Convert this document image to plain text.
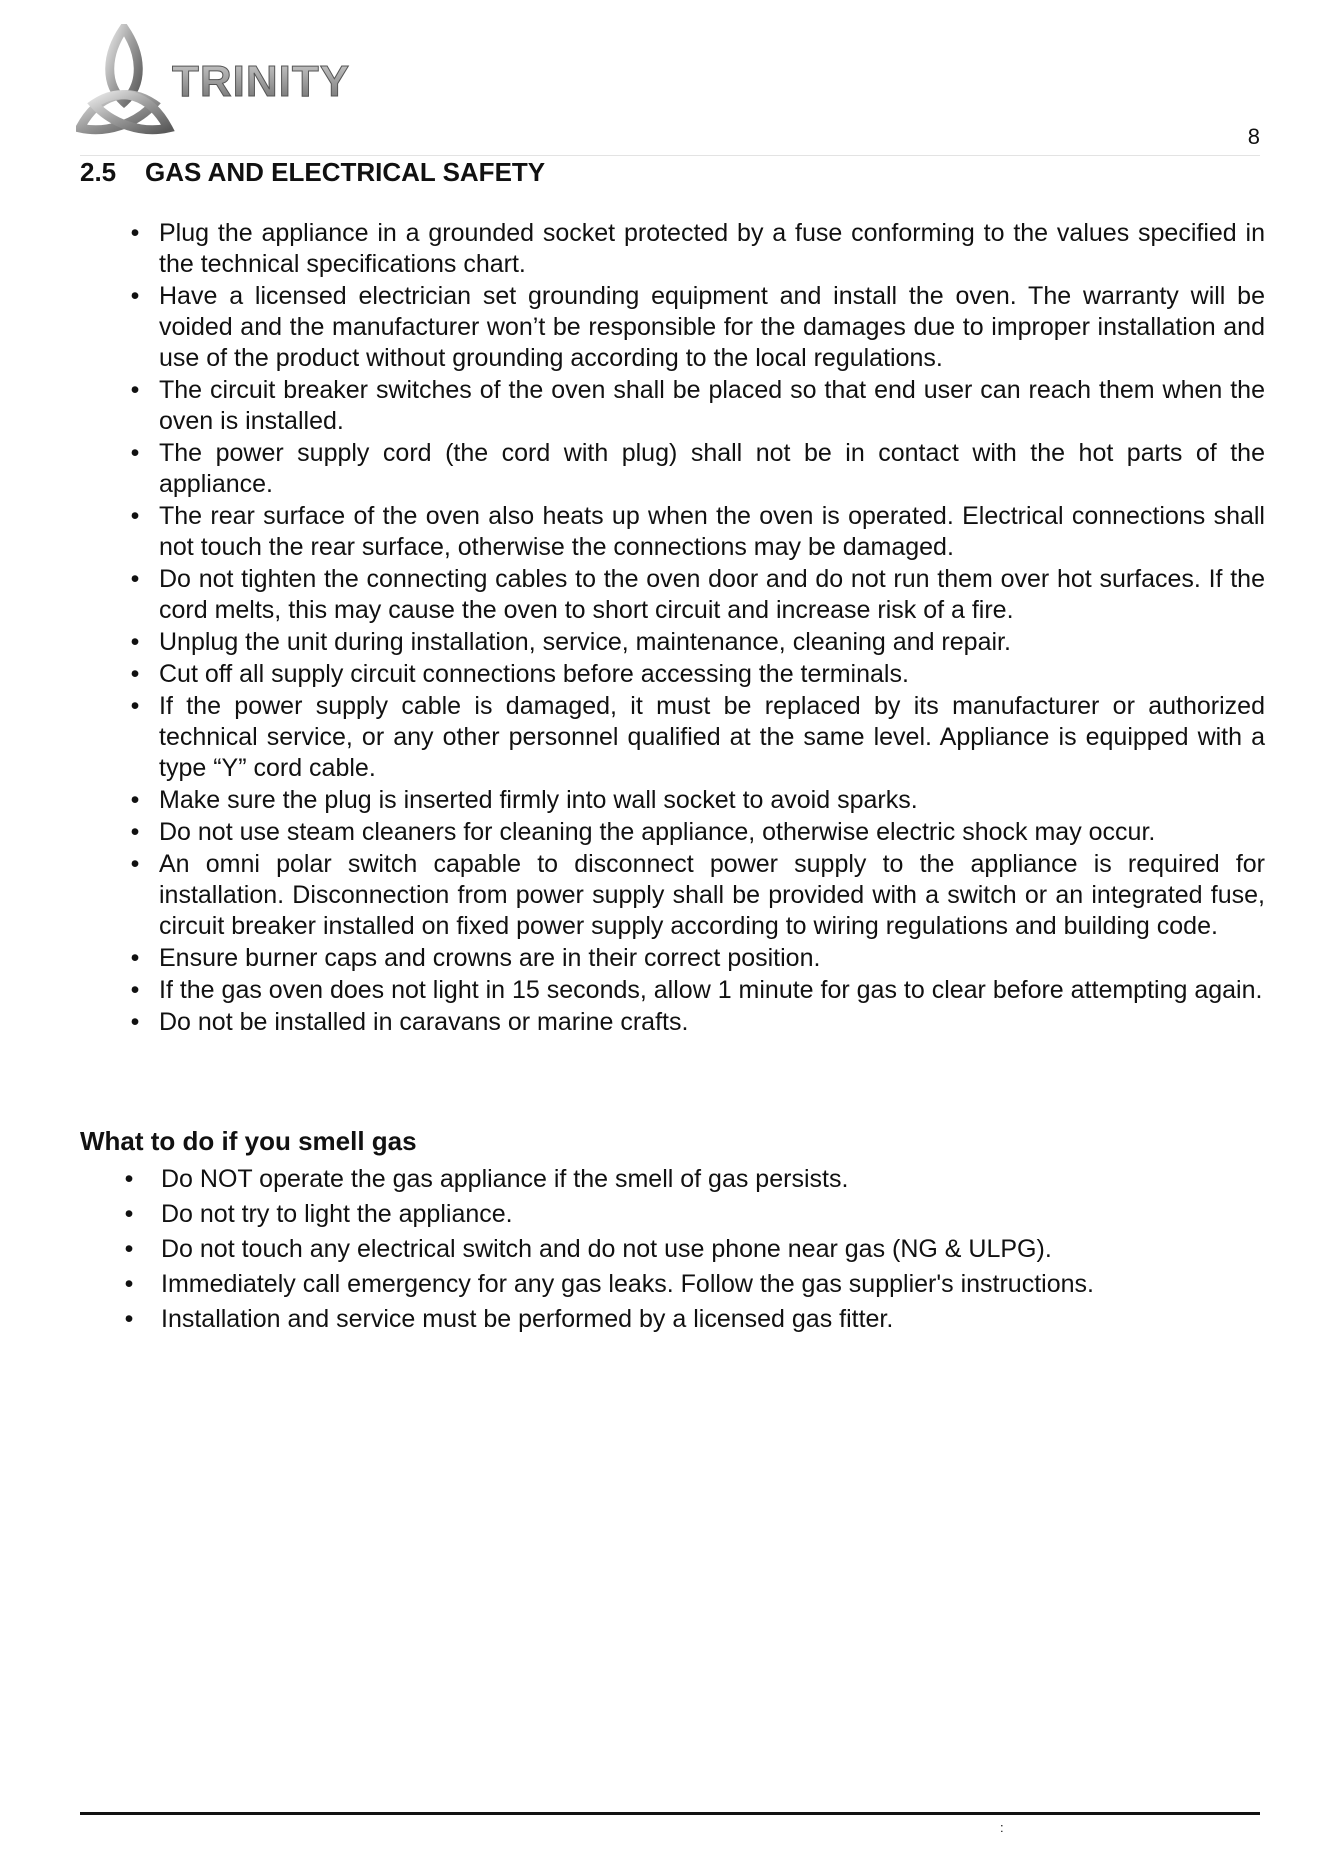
TRINITY
8
2.5 GAS AND ELECTRICAL SAFETY
• Plug the appliance in a grounded socket protected by a fuse conforming to the values specified in the technical specifications chart.
• Have a licensed electrician set grounding equipment and install the oven. The warranty will be voided and the manufacturer won’t be responsible for the damages due to improper installation and use of the product without grounding according to the local regulations.
• The circuit breaker switches of the oven shall be placed so that end user can reach them when the oven is installed.
• The power supply cord (the cord with plug) shall not be in contact with the hot parts of the appliance.
• The rear surface of the oven also heats up when the oven is operated. Electrical connections shall not touch the rear surface, otherwise the connections may be damaged.
• Do not tighten the connecting cables to the oven door and do not run them over hot surfaces. If the cord melts, this may cause the oven to short circuit and increase risk of a fire.
• Unplug the unit during installation, service, maintenance, cleaning and repair.
• Cut off all supply circuit connections before accessing the terminals.
• If the power supply cable is damaged, it must be replaced by its manufacturer or authorized technical service, or any other personnel qualified at the same level. Appliance is equipped with a type “Y” cord cable.
• Make sure the plug is inserted firmly into wall socket to avoid sparks.
• Do not use steam cleaners for cleaning the appliance, otherwise electric shock may occur.
• An omni polar switch capable to disconnect power supply to the appliance is required for installation. Disconnection from power supply shall be provided with a switch or an integrated fuse, circuit breaker installed on fixed power supply according to wiring regulations and building code.
• Ensure burner caps and crowns are in their correct position.
• If the gas oven does not light in 15 seconds, allow 1 minute for gas to clear before attempting again.
• Do not be installed in caravans or marine crafts.
What to do if you smell gas
• Do NOT operate the gas appliance if the smell of gas persists.
• Do not try to light the appliance.
• Do not touch any electrical switch and do not use phone near gas (NG & ULPG).
• Immediately call emergency for any gas leaks. Follow the gas supplier's instructions.
• Installation and service must be performed by a licensed gas fitter.
:
